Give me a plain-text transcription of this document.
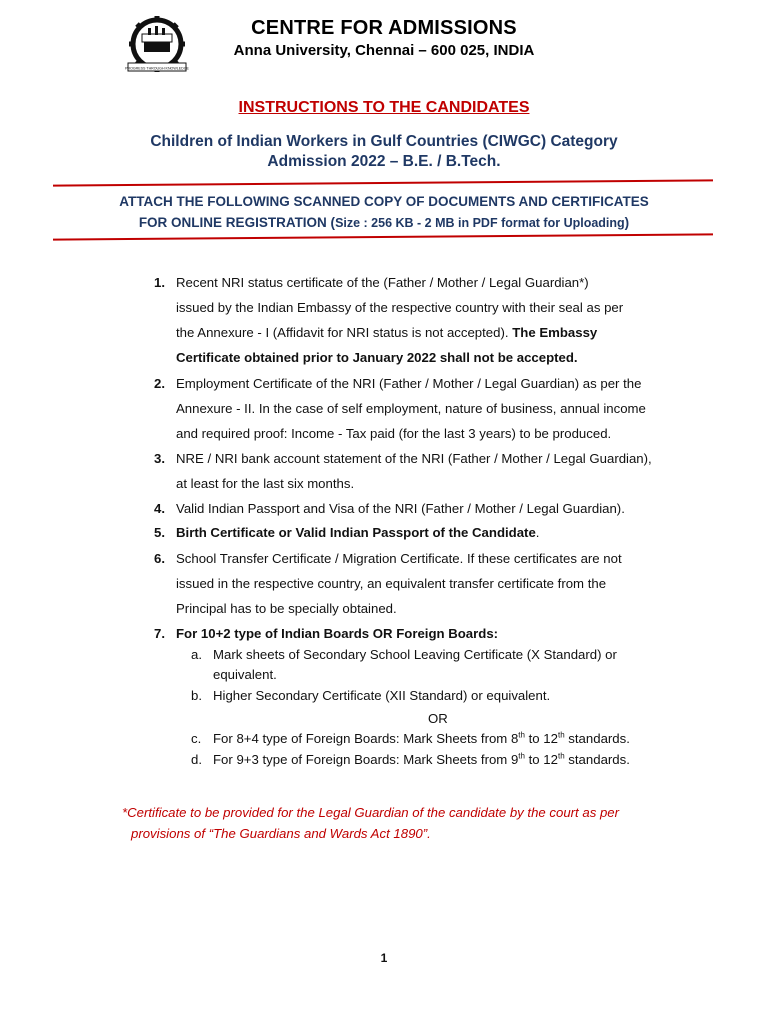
PROGRESS THROUGH KNOWLEDGE
CENTRE FOR ADMISSIONS
Anna University, Chennai – 600 025, INDIA
INSTRUCTIONS TO THE CANDIDATES
Children of Indian Workers in Gulf Countries (CIWGC) Category
Admission 2022 – B.E. / B.Tech.
ATTACH THE FOLLOWING SCANNED COPY OF DOCUMENTS AND CERTIFICATES
FOR ONLINE REGISTRATION (Size : 256 KB - 2 MB in PDF format for Uploading)
1. Recent NRI status certificate of the (Father / Mother / Legal Guardian*)
issued by the Indian Embassy of the respective country with their seal as per
the Annexure - I (Affidavit for NRI status is not accepted). The Embassy
Certificate obtained prior to January 2022 shall not be accepted.
2. Employment Certificate of the NRI (Father / Mother / Legal Guardian) as per the
Annexure - II. In the case of self employment, nature of business, annual income
and required proof: Income - Tax paid (for the last 3 years) to be produced.
3. NRE / NRI bank account statement of the NRI (Father / Mother / Legal Guardian),
at least for the last six months.
4. Valid Indian Passport and Visa of the NRI (Father / Mother / Legal Guardian).
5. Birth Certificate or Valid Indian Passport of the Candidate.
6. School Transfer Certificate / Migration Certificate. If these certificates are not
issued in the respective country, an equivalent transfer certificate from the
Principal has to be specially obtained.
7. For 10+2 type of Indian Boards OR Foreign Boards:
a. Mark sheets of Secondary School Leaving Certificate (X Standard) or
equivalent.
b. Higher Secondary Certificate (XII Standard) or equivalent.
OR
c. For 8+4 type of Foreign Boards: Mark Sheets from 8th to 12th standards.
d. For 9+3 type of Foreign Boards: Mark Sheets from 9th to 12th standards.
*Certificate to be provided for the Legal Guardian of the candidate by the court as per
provisions of “The Guardians and Wards Act 1890”.
1
